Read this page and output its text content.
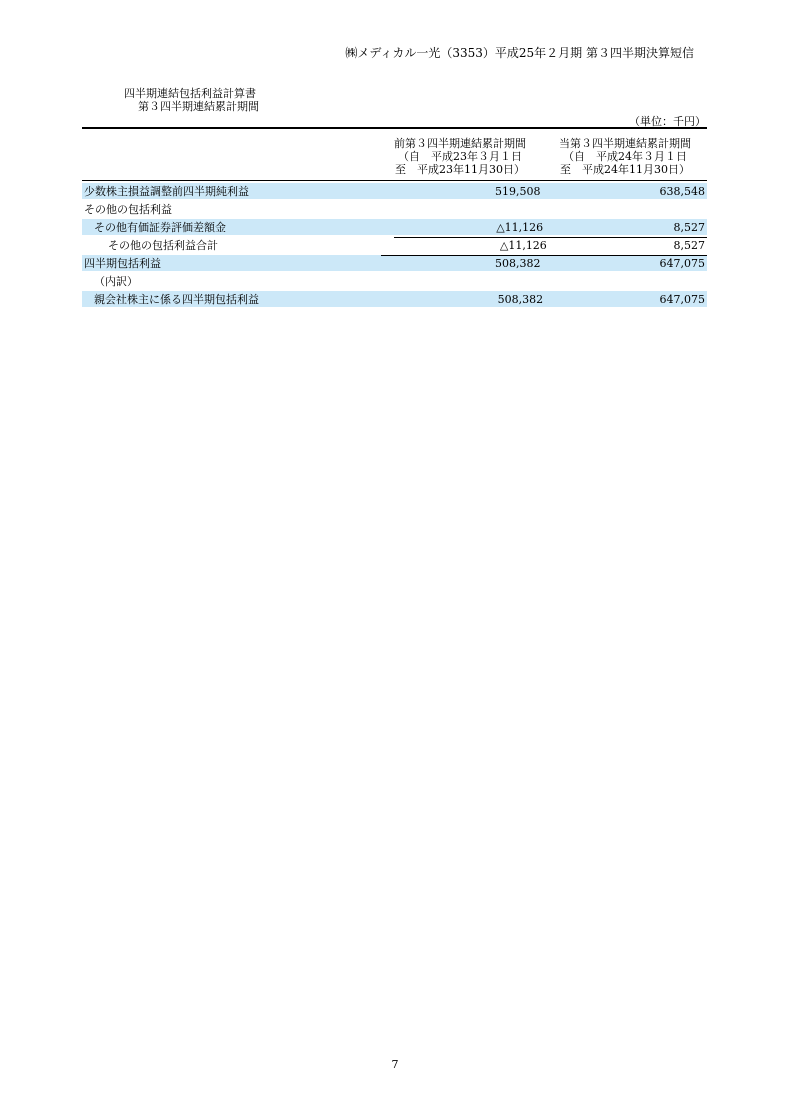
㈱メディカル一光（3353）平成25年２月期 第３四半期決算短信
四半期連結包括利益計算書
第３四半期連結累計期間
（単位：千円）
前第３四半期連結累計期間
（自　平成23年３月１日
至　平成23年11月30日）
当第３四半期連結累計期間
（自　平成24年３月１日
至　平成24年11月30日）
少数株主損益調整前四半期純利益	519,508	638,548
その他の包括利益
その他有価証券評価差額金	△11,126	8,527
その他の包括利益合計	△11,126	8,527
四半期包括利益	508,382	647,075
（内訳）
親会社株主に係る四半期包括利益	508,382	647,075
7
